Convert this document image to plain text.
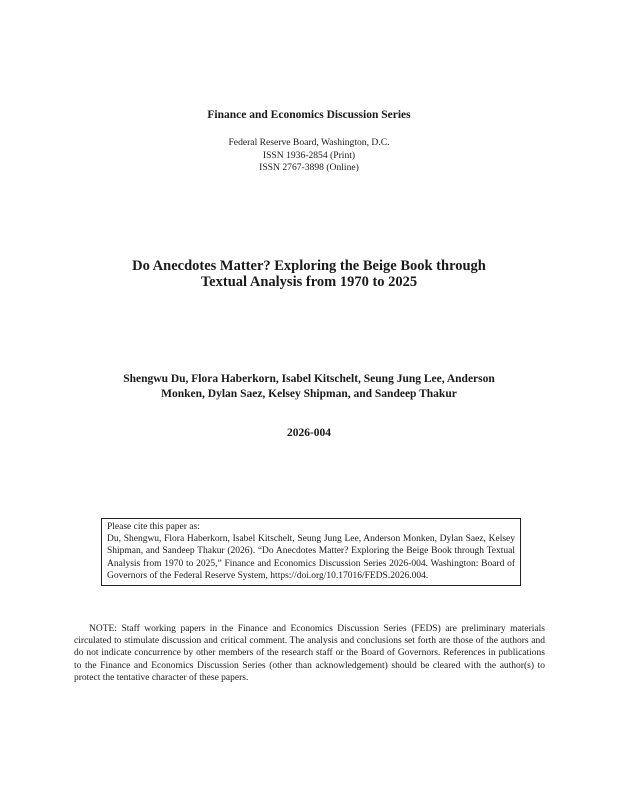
Finance and Economics Discussion Series
Federal Reserve Board, Washington, D.C.
ISSN 1936-2854 (Print)
ISSN 2767-3898 (Online)
Do Anecdotes Matter? Exploring the Beige Book through
Textual Analysis from 1970 to 2025
Shengwu Du, Flora Haberkorn, Isabel Kitschelt, Seung Jung Lee, Anderson
Monken, Dylan Saez, Kelsey Shipman, and Sandeep Thakur
2026-004
Please cite this paper as:
Du, Shengwu, Flora Haberkorn, Isabel Kitschelt, Seung Jung Lee, Anderson Monken, Dylan Saez, Kelsey Shipman, and Sandeep Thakur (2026). “Do Anecdotes Matter? Exploring the Beige Book through Textual Analysis from 1970 to 2025,” Finance and Economics Discussion Series 2026-004. Washington: Board of Governors of the Federal Reserve System, https://doi.org/10.17016/FEDS.2026.004.
NOTE: Staff working papers in the Finance and Economics Discussion Series (FEDS) are preliminary materials circulated to stimulate discussion and critical comment. The analysis and conclusions set forth are those of the authors and do not indicate concurrence by other members of the research staff or the Board of Governors. References in publications to the Finance and Economics Discussion Series (other than acknowledgement) should be cleared with the author(s) to protect the tentative character of these papers.
